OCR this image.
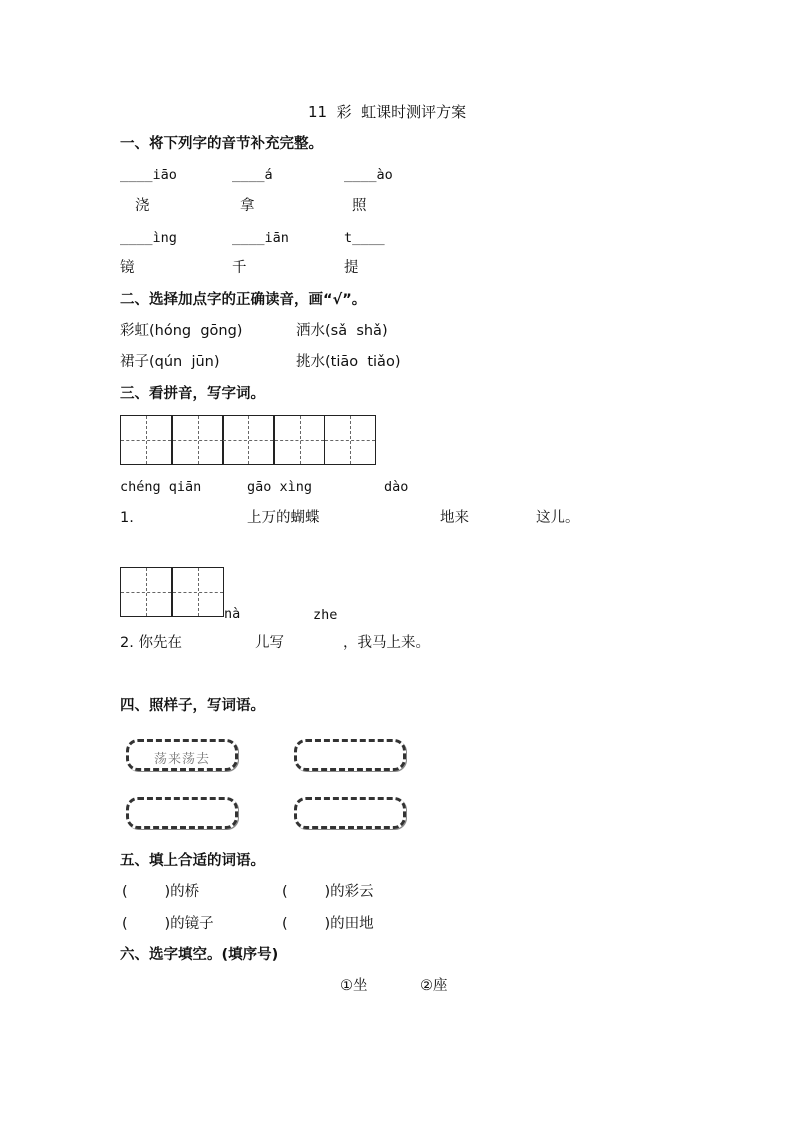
11  彩  虹课时测评方案
一、将下列字的音节补充完整。
____iāo	____á	____ào
浇	拿	照
____ìng	____iān	t____
镜	千	提
二、选择加点字的正确读音，画“√”。
彩虹(hóng  gōng)	洒水(sǎ  shǎ)
裙子(qún  jūn)	挑水(tiāo  tiǎo)
三、看拼音，写字词。
chéng qiān	gāo xìng	dào
1.	上万的蝴蝶	地来	这儿。
nà	zhe
2. 你先在	儿写	，我马上来。
四、照样子，写词语。
荡来荡去
五、填上合适的词语。
(        )的桥	(        )的彩云
(        )的镜子	(        )的田地
六、选字填空。(填序号)
①坐	②座
